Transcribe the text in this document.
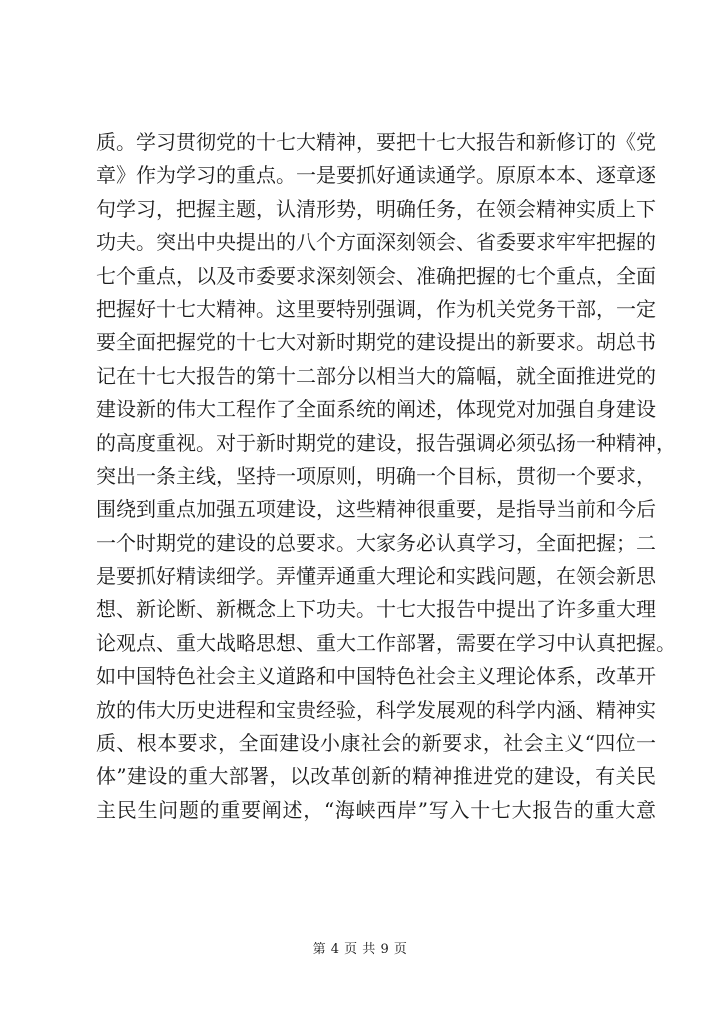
质。学习贯彻党的十七大精神，要把十七大报告和新修订的《党
章》作为学习的重点。一是要抓好通读通学。原原本本、逐章逐
句学习，把握主题，认清形势，明确任务，在领会精神实质上下
功夫。突出中央提出的八个方面深刻领会、省委要求牢牢把握的
七个重点，以及市委要求深刻领会、准确把握的七个重点，全面
把握好十七大精神。这里要特别强调，作为机关党务干部，一定
要全面把握党的十七大对新时期党的建设提出的新要求。胡总书
记在十七大报告的第十二部分以相当大的篇幅，就全面推进党的
建设新的伟大工程作了全面系统的阐述，体现党对加强自身建设
的高度重视。对于新时期党的建设，报告强调必须弘扬一种精神，
突出一条主线，坚持一项原则，明确一个目标，贯彻一个要求，
围绕到重点加强五项建设，这些精神很重要，是指导当前和今后
一个时期党的建设的总要求。大家务必认真学习，全面把握；二
是要抓好精读细学。弄懂弄通重大理论和实践问题，在领会新思
想、新论断、新概念上下功夫。十七大报告中提出了许多重大理
论观点、重大战略思想、重大工作部署，需要在学习中认真把握。
如中国特色社会主义道路和中国特色社会主义理论体系，改革开
放的伟大历史进程和宝贵经验，科学发展观的科学内涵、精神实
质、根本要求，全面建设小康社会的新要求，社会主义“四位一
体”建设的重大部署，以改革创新的精神推进党的建设，有关民
主民生问题的重要阐述，“海峡西岸”写入十七大报告的重大意
第 4 页 共 9 页
